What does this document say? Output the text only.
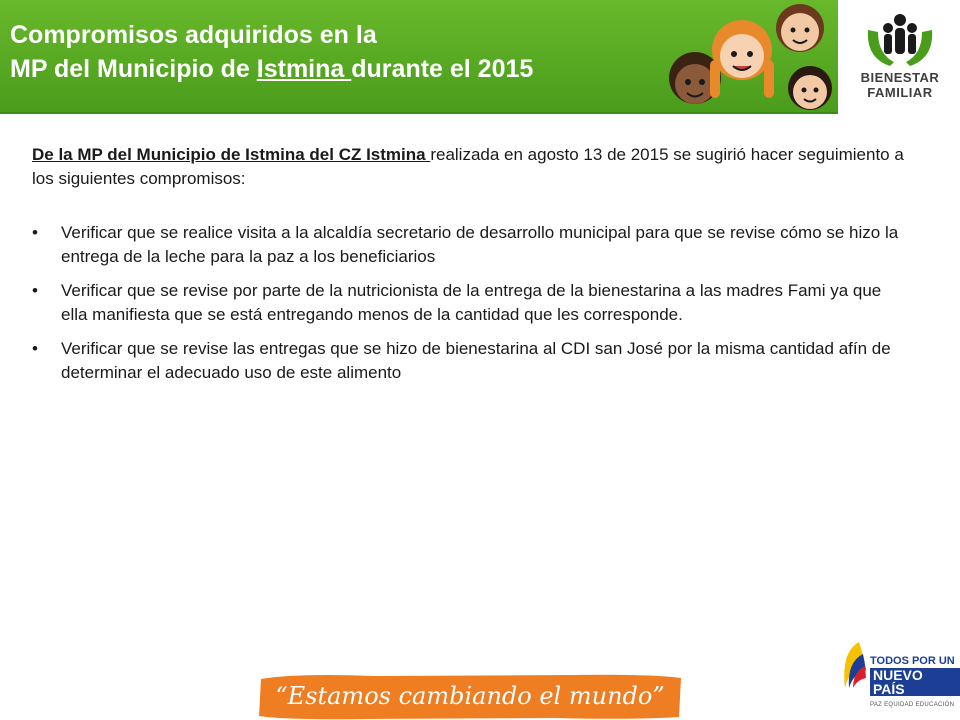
Compromisos adquiridos en la
MP del Municipio de Istmina durante el 2015	BIENESTAR
FAMILIAR
De la MP del Municipio de Istmina del CZ Istmina realizada en agosto 13 de 2015 se sugirió hacer seguimiento a los siguientes compromisos:
• Verificar que se realice visita a la alcaldía secretario de desarrollo municipal para que se revise cómo se hizo la entrega de la leche para la paz a los beneficiarios
• Verificar que se revise por parte de la nutricionista de la entrega de la bienestarina a las madres Fami ya que ella manifiesta que se está entregando menos de la cantidad que les corresponde.
• Verificar que se revise las entregas que se hizo de bienestarina al CDI san José por la misma cantidad afín de determinar el adecuado uso de este alimento
“Estamos cambiando el mundo”
TODOS POR UN
NUEVO PAÍS
PAZ EQUIDAD EDUCACIÓN
